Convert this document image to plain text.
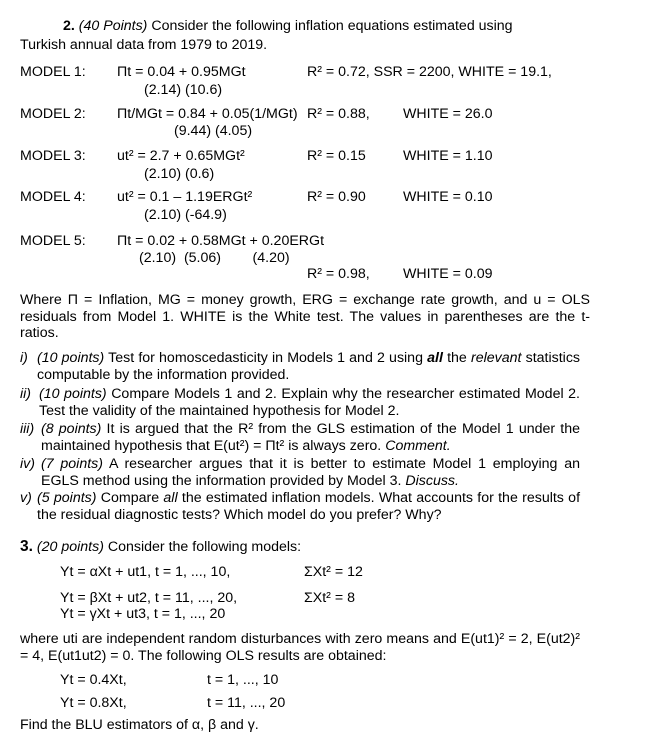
2. (40 Points) Consider the following inflation equations estimated using
Turkish annual data from 1979 to 2019.
MODEL 1: Πt = 0.04 + 0.95MGt	R² = 0.72, SSR = 2200, WHITE = 19.1,
(2.14) (10.6)
MODEL 2: Πt/MGt = 0.84 + 0.05(1/MGt) R² = 0.88, WHITE = 26.0
(9.44) (4.05)
MODEL 3: ut² = 2.7 + 0.65MGt²	R² = 0.15	WHITE = 1.10
(2.10) (0.6)
MODEL 4: ut² = 0.1 – 1.19ERGt²	R² = 0.90	WHITE = 0.10
(2.10) (-64.9)
MODEL 5: Πt = 0.02 + 0.58MGt + 0.20ERGt
(2.10)  (5.06)        (4.20)
R² = 0.98, WHITE = 0.09
Where Π = Inflation, MG = money growth, ERG = exchange rate growth, and u = OLS residuals from Model 1. WHITE is the White test. The values in parentheses are the t-ratios.
i) (10 points) Test for homoscedasticity in Models 1 and 2 using all the relevant statistics computable by the information provided.
ii) (10 points) Compare Models 1 and 2. Explain why the researcher estimated Model 2. Test the validity of the maintained hypothesis for Model 2.
iii) (8 points) It is argued that the R² from the GLS estimation of the Model 1 under the maintained hypothesis that E(ut²) = Πt² is always zero. Comment.
iv) (7 points) A researcher argues that it is better to estimate Model 1 employing an EGLS method using the information provided by Model 3. Discuss.
v) (5 points) Compare all the estimated inflation models. What accounts for the results of the residual diagnostic tests? Which model do you prefer? Why?
3. (20 points) Consider the following models:
Yt = αXt + ut1, t = 1, ..., 10,	ΣXt² = 12
Yt = βXt + ut2, t = 11, ..., 20,	ΣXt² = 8
Yt = γXt + ut3, t = 1, ..., 20
where uti are independent random disturbances with zero means and E(ut1)² = 2, E(ut2)² = 4, E(ut1ut2) = 0. The following OLS results are obtained:
Yt = 0.4Xt,	t = 1, ..., 10
Yt = 0.8Xt,	t = 11, ..., 20
Find the BLU estimators of α, β and γ.
